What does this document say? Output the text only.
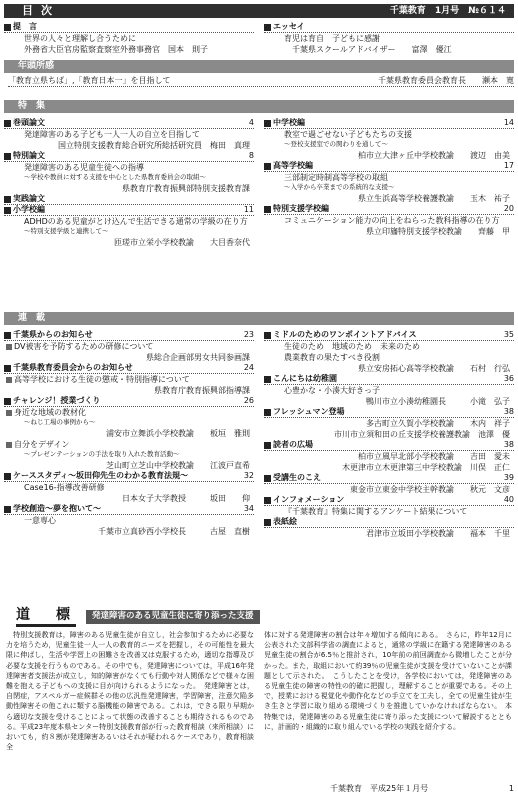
目次	千葉教育　1月号　№６１４
提　言
世界の人々と理解し合うために
外務省大臣官房監察査察室外務事務官　国本　則子
エッセイ
育児は育自　子どもに感謝
千葉県スクールアドバイザー　　富澤　優江
年頭所感
「教育立県ちば」,「教育日本一」を目指して	千葉県教育委員会教育長　　瀬本　寛
特　集
巻頭論文	4
発達障害のある子ども一人一人の自立を目指して
国立特別支援教育総合研究所総括研究員　梅田　真理
特別論文	8
発達障害のある児童生徒への指導
～学校や教員に対する支援を中心とした県教育委員会の取組～
県教育庁教育振興部特別支援教育課
実践論文
小学校編	11
ADHDのある児童がとけ込んで生活できる通常の学級の在り方
～特別支援学級と連携して～
匝瑳市立栄小学校教諭　　大目香奈代
中学校編	14
教室で過ごせない子どもたちの支援
～登校支援室での関わりを通して～
柏市立大津ヶ丘中学校教諭　　渡辺　由美
高等学校編	17
三部制定時制高等学校の取組
～入学から卒業までの系統的な支援～
県立生浜高等学校養護教諭　　玉木　祐子
特別支援学校編	20
コミュニケーション能力の向上をねらった教科指導の在り方
県立印旛特別支援学校教諭　　齊藤　甲
連　載
千葉県からのお知らせ	23
DV被害を予防するための研修について
県総合企画部男女共同参画課
千葉県教育委員会からのお知らせ	24
高等学校における生徒の懲戒・特別指導について
県教育庁教育振興部指導課
チャレンジ！授業づくり	26
身近な地域の教材化
～ねじ工場の事例から～
浦安市立舞浜小学校教諭　　板垣　雅則
自分をデザイン
～プレゼンテーションの手法を取り入れた教育活動～
芝山町立芝山中学校教諭　　江波戸直希
ケーススタディ～坂田仰先生のわかる教育法規～	32
Case16-指導改善研修
日本女子大学教授　　　坂田　　仰
学校創造～夢を抱いて～	34
一意専心
千葉市立真砂西小学校長　　　古屋　直樹
ミドルのためのワンポイントアドバイス	35
生徒のため　地域のため　未来のため
農業教育の果たすべき役割
県立安房拓心高等学校教諭　　石村　行弘
こんにちは幼稚園	36
心豊かな・小湊大好きっ子
鴨川市立小湊幼稚園長　　　小滝　弘子
フレッシュマン登場	38
多古町立久賀小学校教諭　　木内　祥子
市川市立須和田の丘支援学校養護教諭　池澤　優
読者の広場	38
柏市立風早北部小学校教諭　　吉田　愛未
木更津市立木更津第三中学校教諭　川俣　正仁
受講生のこえ	39
東金市立東金中学校主幹教諭　　秋元　文彦
インフォメーション	40
『千葉教育』特集に関するアンケート結果について
表紙絵
君津市立坂田小学校教諭　　福本　千里
道　標	発達障害のある児童生徒に寄り添った支援
　特別支援教育は，障害のある児童生徒が自立し，社会参加するために必要な力を培うため，児童生徒一人一人の教育的ニーズを把握し，その可能性を最大限に伸ばし，生活や学習上の困難さを改善又は克服するため，適切な指導及び必要な支援を行うものである。その中でも，発達障害については，平成16年発達障害者支援法が成立し，知的障害がなくても行動や対人関係などで様々な困難を抱える子どもへの支援に目が向けられるようになった。　発達障害とは，自閉症，アスペルガー症候群その他の広汎性発達障害，学習障害，注意欠陥多動性障害その他これに類する脳機能の障害である。これは，できる限り早期から適切な支援を受けることによって状態の改善することも期待されるものである。平成23年度本県センター特別支援教育部が行った教育相談（来所相談）においても，約８割が発達障害あるいはそれが疑われるケースであり，教育相談全
体に対する発達障害の割合は年々増加する傾向にある。　さらに，昨年12月に公表された文部科学省の調査によると，通常の学級に在籍する発達障害のある児童生徒の割合が6.5％と推計され，10年前の前回調査から微増したことが分かった。また，取組において約39％の児童生徒が支援を受けていないことが課題として示された。　こうしたことを受け，各学校においては，発達障害のある児童生徒の障害の特性の的確に把握し，理解することが重要である。その上で，授業における視覚化や動作化などの手立てを工夫し，全ての児童生徒が生き生きと学習に取り組める環境づくりを推進していかなければならない。　本特集では，発達障害のある児童生徒に寄り添った支援について解説するとともに，計画的・組織的に取り組んでいる学校の実践を紹介する。
千葉教育　平成25年１月号	1
